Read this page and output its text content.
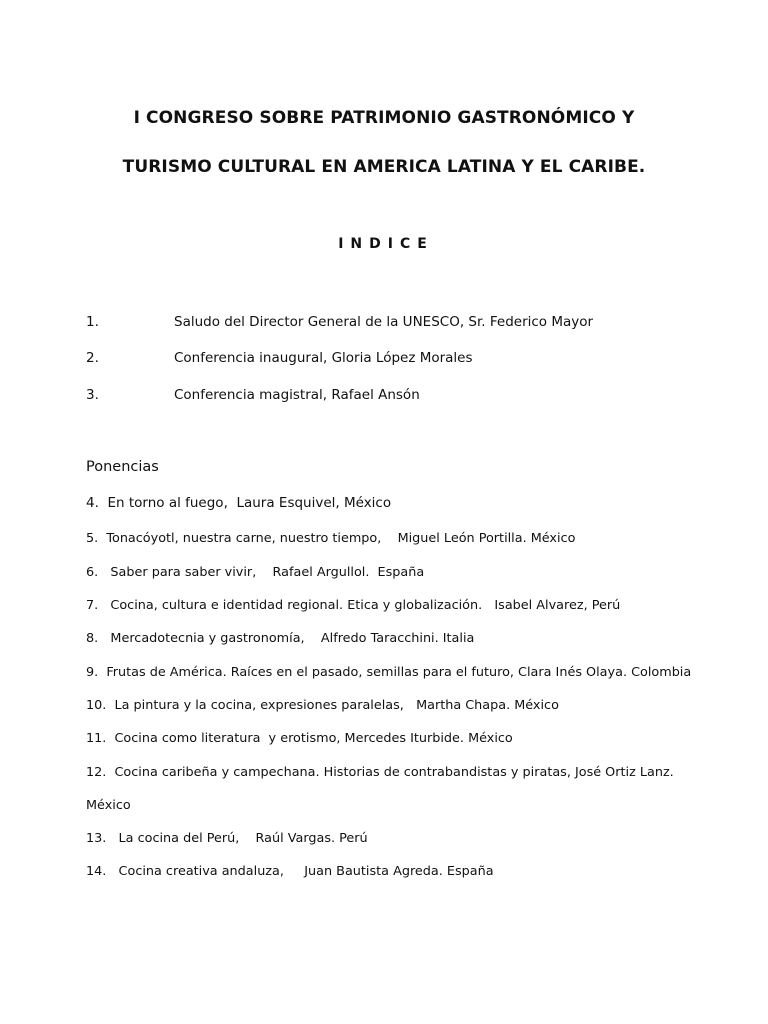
I CONGRESO SOBRE PATRIMONIO GASTRONÓMICO Y
TURISMO CULTURAL EN AMERICA LATINA Y EL CARIBE.
INDICE
1.	Saludo del Director General de la UNESCO, Sr. Federico Mayor
2.	Conferencia inaugural, Gloria López Morales
3.	Conferencia magistral, Rafael Ansón
Ponencias
4.  En torno al fuego,  Laura Esquivel, México
5.  Tonacóyotl, nuestra carne, nuestro tiempo,    Miguel León Portilla. México
6.   Saber para saber vivir,    Rafael Argullol.  España
7.   Cocina, cultura e identidad regional. Etica y globalización.   Isabel Alvarez, Perú
8.   Mercadotecnia y gastronomía,    Alfredo Taracchini. Italia
9.  Frutas de América. Raíces en el pasado, semillas para el futuro, Clara Inés Olaya. Colombia
10.  La pintura y la cocina, expresiones paralelas,   Martha Chapa. México
11.  Cocina como literatura  y erotismo, Mercedes Iturbide. México
12.  Cocina caribeña y campechana. Historias de contrabandistas y piratas, José Ortiz Lanz.
México
13.   La cocina del Perú,    Raúl Vargas. Perú
14.   Cocina creativa andaluza,     Juan Bautista Agreda. España
